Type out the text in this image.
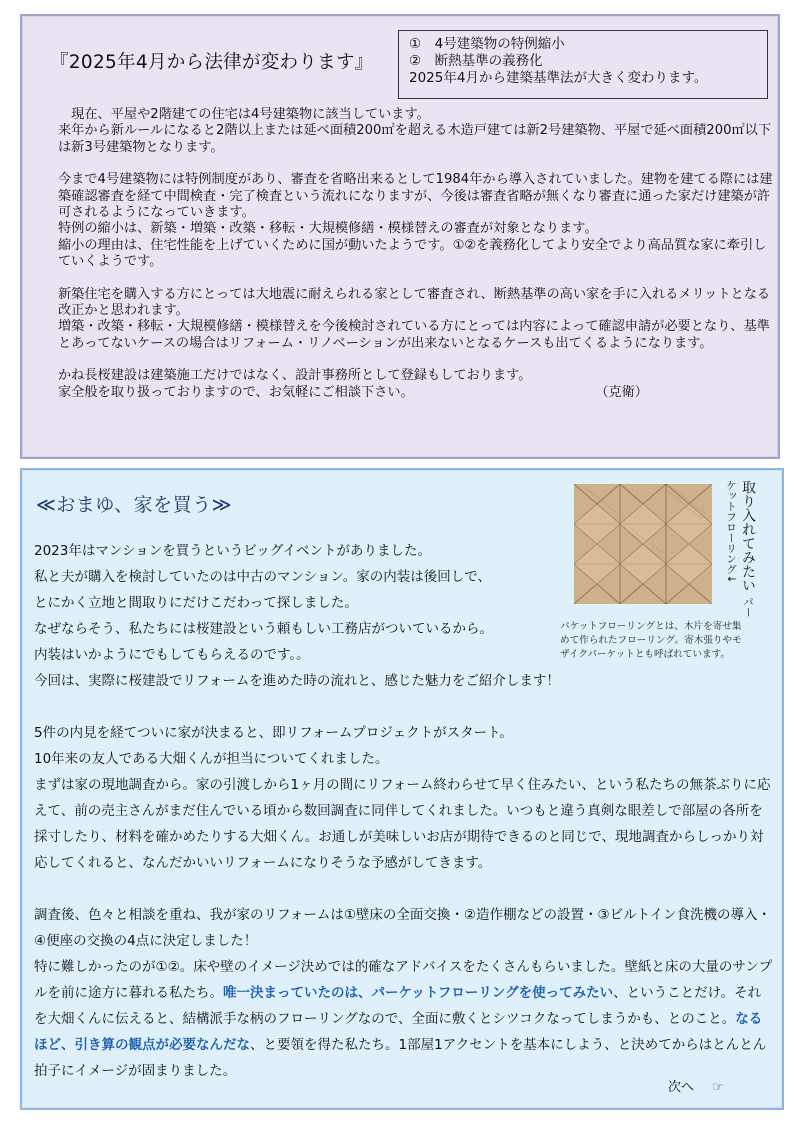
『2025年4月から法律が変わります』
①　4号建築物の特例縮小
②　断熱基準の義務化
2025年4月から建築基準法が大きく変わります。

　現在、平屋や2階建ての住宅は4号建築物に該当しています。

来年から新ルールになると2階以上または延べ面積200㎡を超える木造戸建ては新2号建築物、平屋で延べ面積200㎡以下は新3号建築物となります。

今まで4号建築物には特例制度があり、審査を省略出来るとして1984年から導入されていました。建物を建てる際には建築確認審査を経て中間検査・完了検査という流れになりますが、今後は審査省略が無くなり審査に通った家だけ建築が許可されるようになっていきます。

特例の縮小は、新築・増築・改築・移転・大規模修繕・模様替えの審査が対象となります。

縮小の理由は、住宅性能を上げていくために国が動いたようです。①②を義務化してより安全でより高品質な家に牽引していくようです。

新築住宅を購入する方にとっては大地震に耐えられる家として審査され、断熱基準の高い家を手に入れるメリットとなる改正かと思われます。

増築・改築・移転・大規模修繕・模様替えを今後検討されている方にとっては内容によって確認申請が必要となり、基準とあってないケースの場合はリフォーム・リノベーションが出来ないとなるケースも出てくるようになります。

かね長桜建設は建築施工だけではなく、設計事務所として登録もしております。

家全般を取り扱っておりますので、お気軽にご相談下さい。	（克衛）

≪おまゆ、家を買う≫	取り入れてみたい パーケットフローリング↓
パケットフローリングとは、木片を寄せ集めて作られたフローリング。寄木張りやモザイクパーケットとも呼ばれています。

2023年はマンションを買うというビッグイベントがありました。

私と夫が購入を検討していたのは中古のマンション。家の内装は後回しで、

とにかく立地と間取りにだけこだわって探しました。

なぜならそう、私たちには桜建設という頼もしい工務店がついているから。

内装はいかようにでもしてもらえるのです。。

今回は、実際に桜建設でリフォームを進めた時の流れと、感じた魅力をご紹介します！

5件の内見を経てついに家が決まると、即リフォームプロジェクトがスタート。

10年来の友人である大畑くんが担当についてくれました。

まずは家の現地調査から。家の引渡しから1ヶ月の間にリフォーム終わらせて早く住みたい、という私たちの無茶ぶりに応えて、前の売主さんがまだ住んでいる頃から数回調査に同伴してくれました。いつもと違う真剣な眼差しで部屋の各所を採寸したり、材料を確かめたりする大畑くん。お通しが美味しいお店が期待できるのと同じで、現地調査からしっかり対応してくれると、なんだかいいリフォームになりそうな予感がしてきます。

調査後、色々と相談を重ね、我が家のリフォームは①壁床の全面交換・②造作棚などの設置・③ビルトイン食洗機の導入・④便座の交換の4点に決定しました！

特に難しかったのが①②。床や壁のイメージ決めでは的確なアドバイスをたくさんもらいました。壁紙と床の大量のサンプルを前に途方に暮れる私たち。唯一決まっていたのは、パーケットフローリングを使ってみたい、ということだけ。それを大畑くんに伝えると、結構派手な柄のフローリングなので、全面に敷くとシツコクなってしまうかも、とのこと。なるほど、引き算の観点が必要なんだな、と要領を得た私たち。1部屋1アクセントを基本にしよう、と決めてからはとんとん拍子にイメージが固まりました。

次へ ☞
